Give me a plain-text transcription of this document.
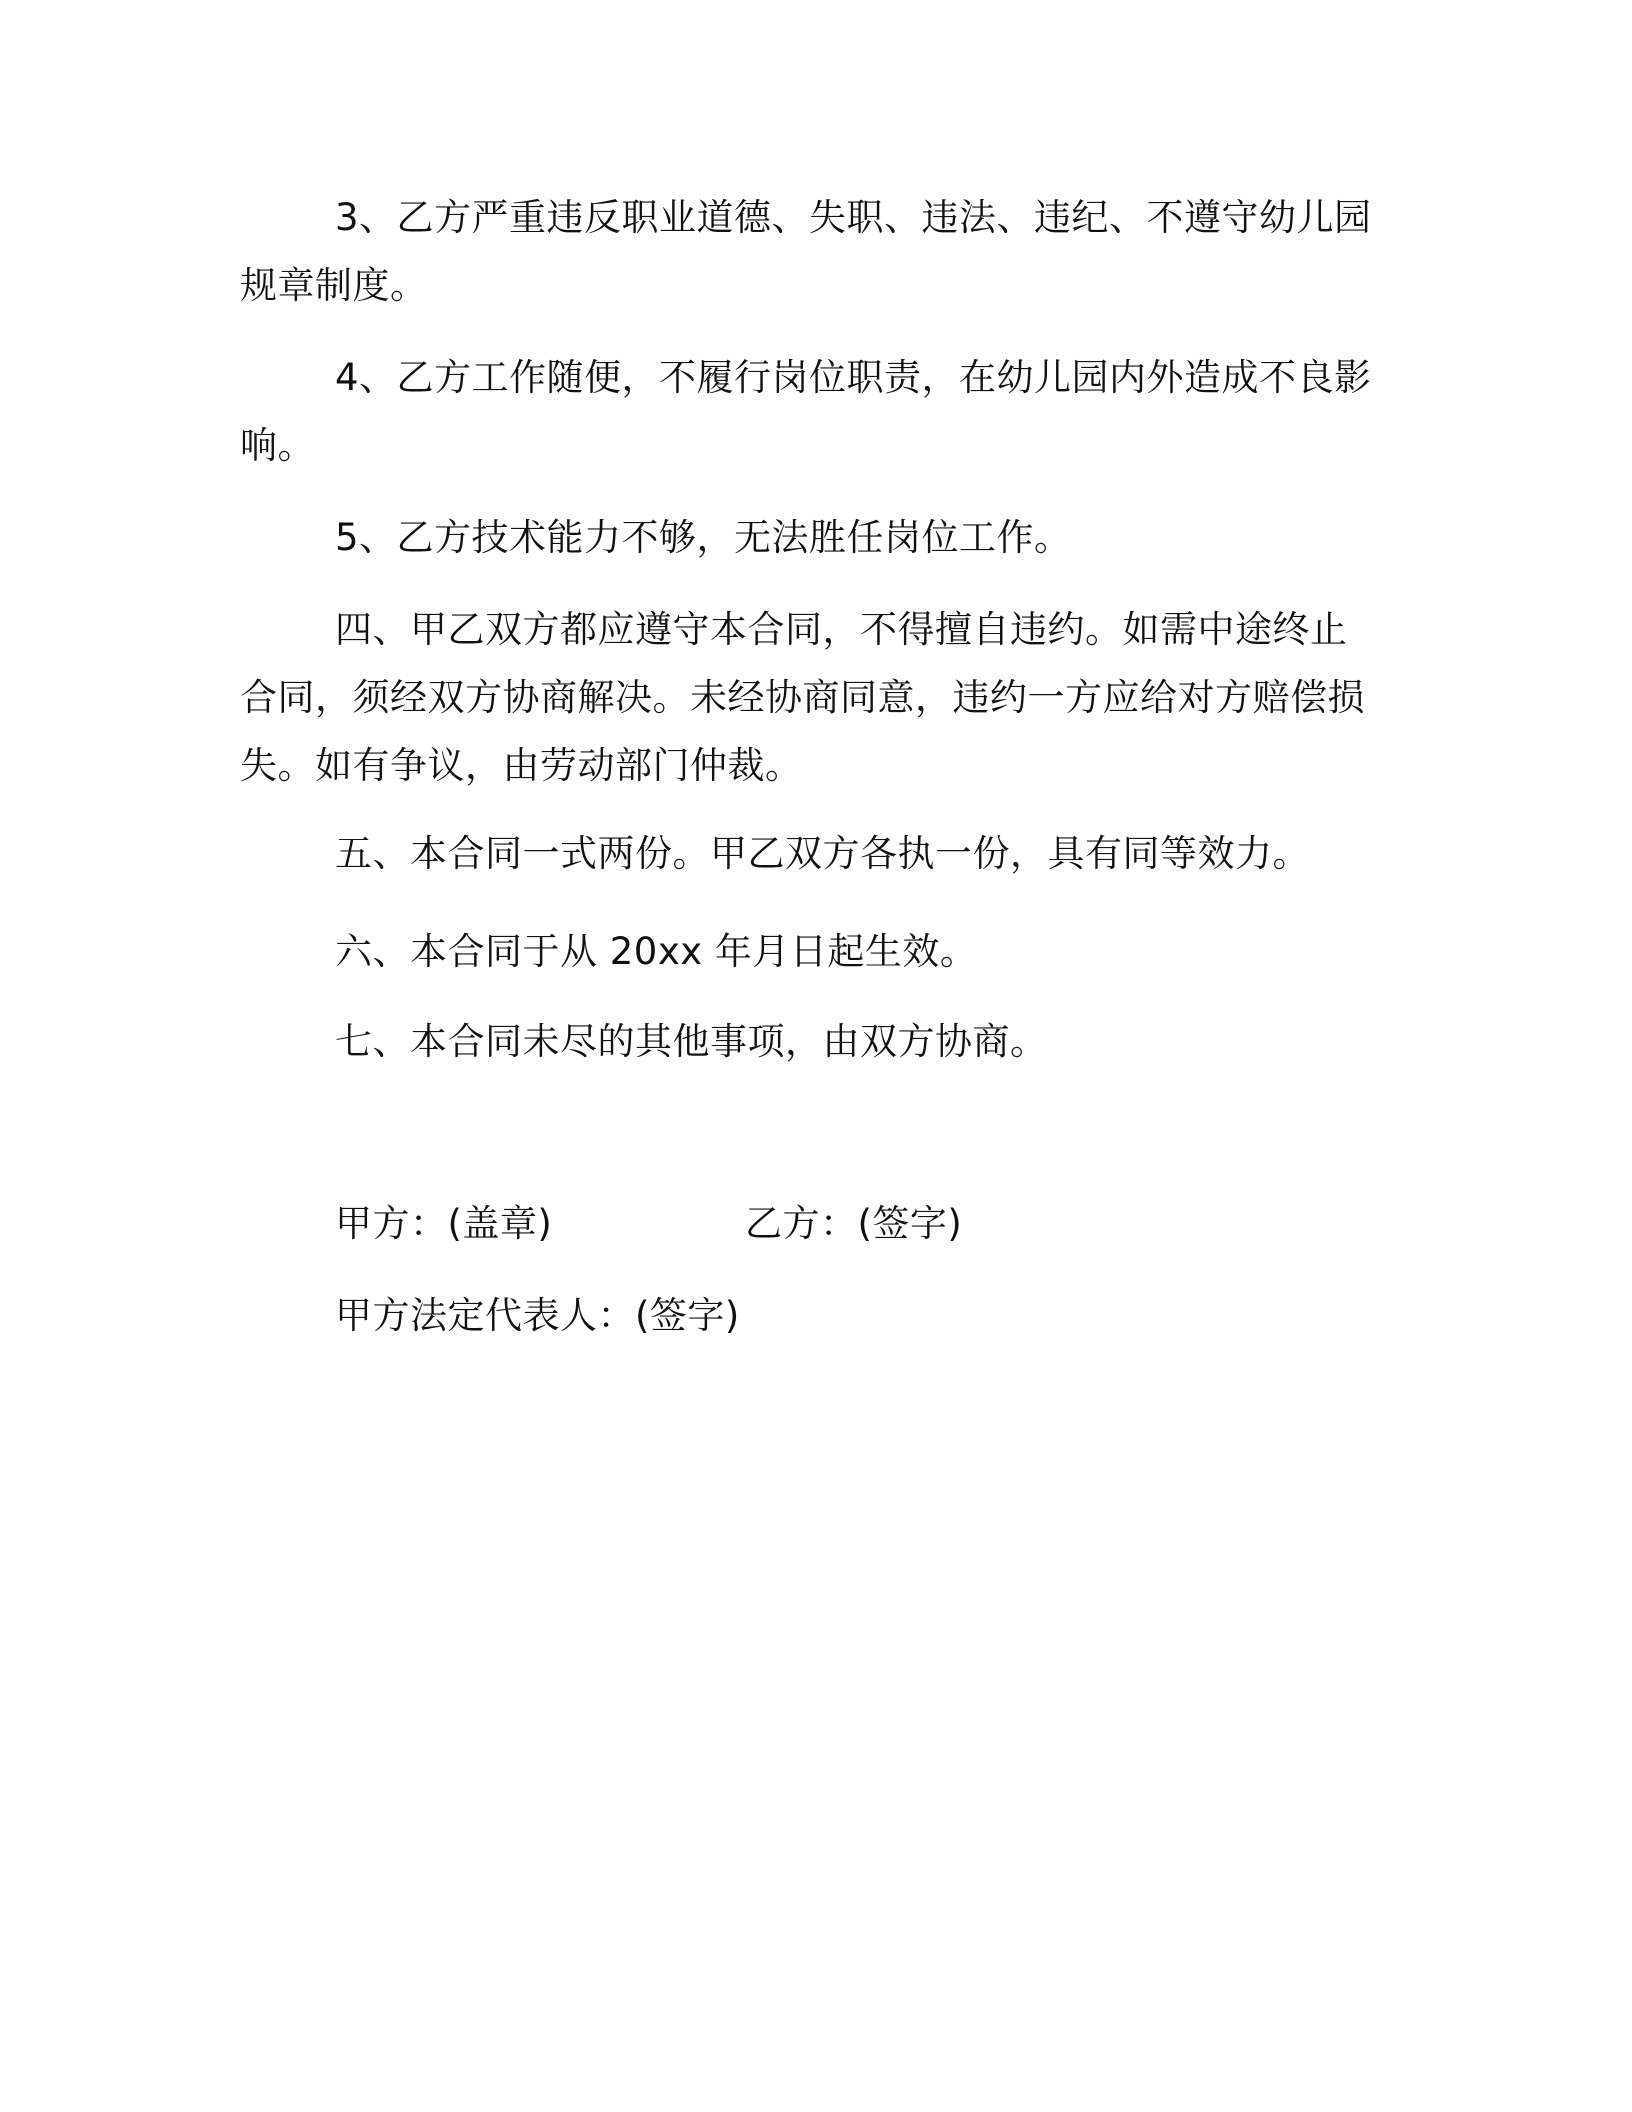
3、乙方严重违反职业道德、失职、违法、违纪、不遵守幼儿园规章制度。

4、乙方工作随便，不履行岗位职责，在幼儿园内外造成不良影响。

5、乙方技术能力不够，无法胜任岗位工作。

四、甲乙双方都应遵守本合同，不得擅自违约。如需中途终止合同，须经双方协商解决。未经协商同意，违约一方应给对方赔偿损失。如有争议，由劳动部门仲裁。

五、本合同一式两份。甲乙双方各执一份，具有同等效力。

六、本合同于从 20xx 年月日起生效。

七、本合同未尽的其他事项，由双方协商。

甲方：(盖章)	乙方：(签字)

甲方法定代表人：(签字)
